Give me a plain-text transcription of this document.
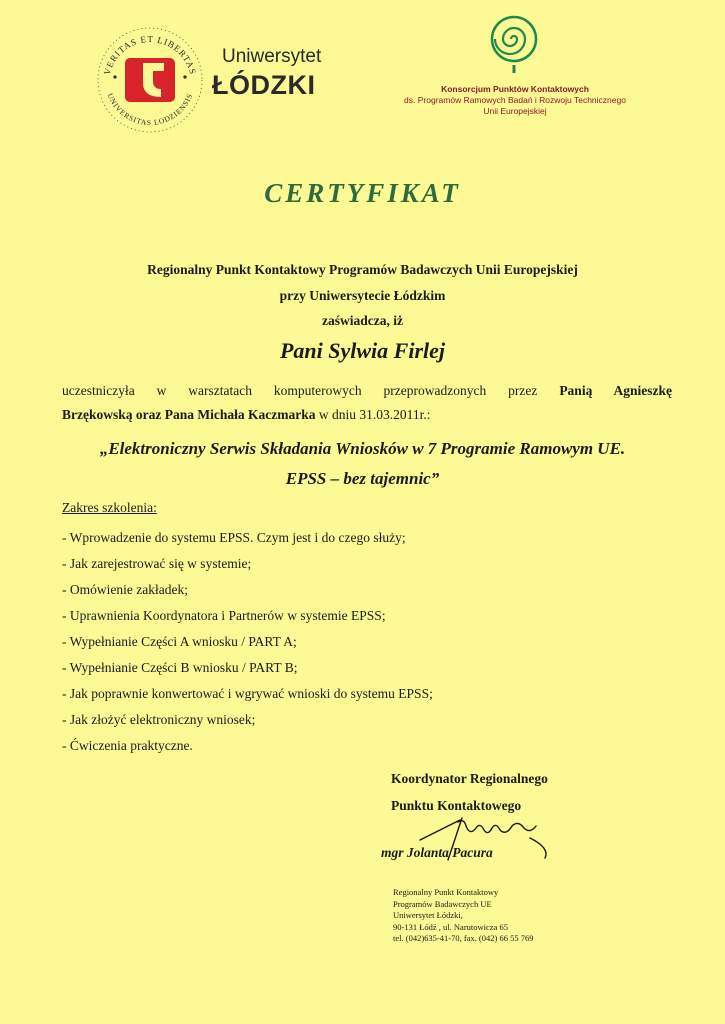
VERITAS ET LIBERTAS
UNIVERSITAS LODZIENSIS
Uniwersytet
ŁÓDZKI	Konsorcjum Punktów Kontaktowych
ds. Programów Ramowych Badań i Rozwoju Technicznego
Unii Europejskiej
CERTYFIKAT
Regionalny Punkt Kontaktowy Programów Badawczych Unii Europejskiej
przy Uniwersytecie Łódzkim
zaświadcza, iż
Pani Sylwia Firlej
uczestniczyła w warsztatach komputerowych przeprowadzonych przez Panią Agnieszkę
Brzękowską oraz Pana Michała Kaczmarka w dniu 31.03.2011r.:
„Elektroniczny Serwis Składania Wniosków w 7 Programie Ramowym UE.
EPSS – bez tajemnic”
Zakres szkolenia:
- Wprowadzenie do systemu EPSS. Czym jest i do czego służy;
- Jak zarejestrować się w systemie;
- Omówienie zakładek;
- Uprawnienia Koordynatora i Partnerów w systemie EPSS;
- Wypełnianie Części A wniosku / PART A;
- Wypełnianie Części B wniosku / PART B;
- Jak poprawnie konwertować i wgrywać wnioski do systemu EPSS;
- Jak złożyć elektroniczny wniosek;
- Ćwiczenia praktyczne.
Koordynator Regionalnego
Punktu Kontaktowego
mgr Jolanta Pacura
Regionalny Punkt Kontaktowy
Programów Badawczych UE
Uniwersytet Łódzki,
90-131 Łódź , ul. Narutowicza 65
tel. (042)635-41-70, fax. (042) 66 55 769
